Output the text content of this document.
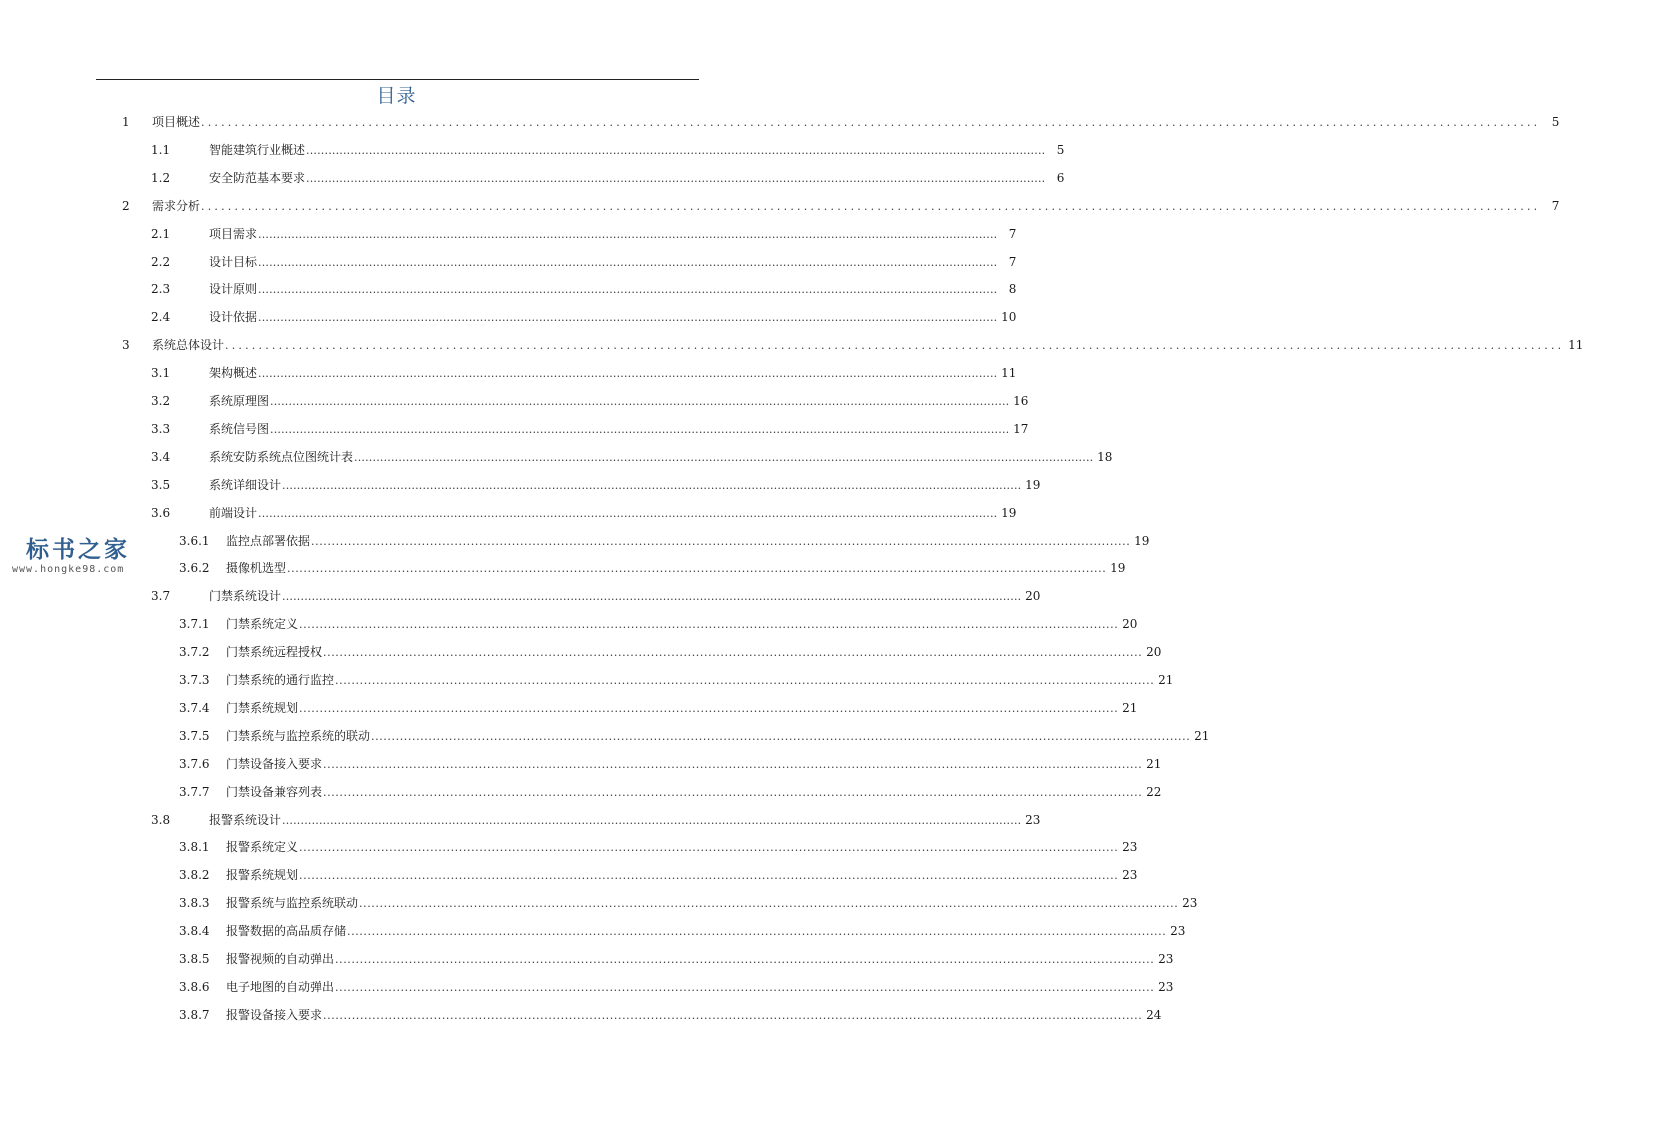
目录
1	项目概述 ........................................................................................................................................................................................................ 5
1.1	智能建筑行业概述 ........................................................................................................................................................................................................ 5
1.2	安全防范基本要求 ........................................................................................................................................................................................................ 6
2	需求分析 ........................................................................................................................................................................................................ 7
2.1	项目需求 ........................................................................................................................................................................................................ 7
2.2	设计目标 ........................................................................................................................................................................................................ 7
2.3	设计原则 ........................................................................................................................................................................................................ 8
2.4	设计依据 ........................................................................................................................................................................................................ 10
3	系统总体设计 ........................................................................................................................................................................................................ 11
3.1	架构概述 ........................................................................................................................................................................................................ 11
3.2	系统原理图 ........................................................................................................................................................................................................ 16
3.3	系统信号图 ........................................................................................................................................................................................................ 17
3.4	系统安防系统点位图统计表 ........................................................................................................................................................................................................ 18
3.5	系统详细设计 ........................................................................................................................................................................................................ 19
3.6	前端设计 ........................................................................................................................................................................................................ 19
3.6.1	监控点部署依据 ........................................................................................................................................................................................................ 19
3.6.2	摄像机选型 ........................................................................................................................................................................................................ 19
3.7	门禁系统设计 ........................................................................................................................................................................................................ 20
3.7.1	门禁系统定义 ........................................................................................................................................................................................................ 20
3.7.2	门禁系统远程授权 ........................................................................................................................................................................................................ 20
3.7.3	门禁系统的通行监控 ........................................................................................................................................................................................................ 21
3.7.4	门禁系统规划 ........................................................................................................................................................................................................ 21
3.7.5	门禁系统与监控系统的联动 ........................................................................................................................................................................................................ 21
3.7.6	门禁设备接入要求 ........................................................................................................................................................................................................ 21
3.7.7	门禁设备兼容列表 ........................................................................................................................................................................................................ 22
3.8	报警系统设计 ........................................................................................................................................................................................................ 23
3.8.1	报警系统定义 ........................................................................................................................................................................................................ 23
3.8.2	报警系统规划 ........................................................................................................................................................................................................ 23
3.8.3	报警系统与监控系统联动 ........................................................................................................................................................................................................ 23
3.8.4	报警数据的高品质存储 ........................................................................................................................................................................................................ 23
3.8.5	报警视频的自动弹出 ........................................................................................................................................................................................................ 23
3.8.6	电子地图的自动弹出 ........................................................................................................................................................................................................ 23
3.8.7	报警设备接入要求 ........................................................................................................................................................................................................ 24
标书之家
www.hongke98.com
